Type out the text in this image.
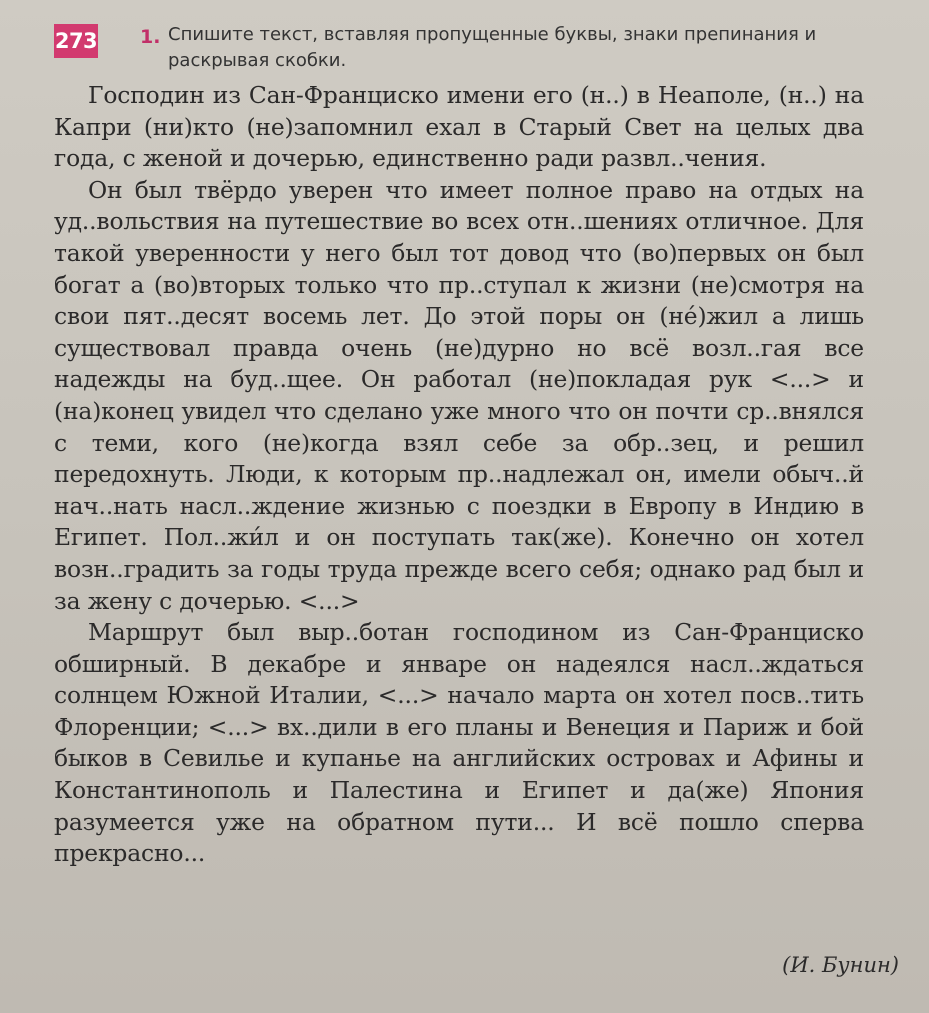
273 1. Спишите текст, вставляя пропущенные буквы, знаки препинания и раскрывая скобки.

Господин из Сан-Франциско имени его (н..) в Неаполе, (н..) на Капри (ни)кто (не)запомнил ехал в Старый Свет на целых два года, с женой и дочерью, единственно ради развл..чения.

Он был твёрдо уверен что имеет полное право на отдых на уд..вольствия на путешествие во всех отн..шениях отличное. Для такой уверенности у него был тот довод что (во)первых он был богат а (во)вторых только что пр..ступал к жизни (не)смотря на свои пят..десят восемь лет. До этой поры он (не́)жил а лишь существовал правда очень (не)дурно но всё возл..гая все надежды на буд..щее. Он работал (не)покладая рук <...> и (на)конец увидел что сделано уже много что он почти ср..внялся с теми, кого (не)когда взял себе за обр..зец, и решил передохнуть. Люди, к которым пр..надлежал он, имели обыч..й нач..нать насл..ждение жизнью с поездки в Европу в Индию в Египет. Пол..жи́л и он поступать так(же). Конечно он хотел возн..градить за годы труда прежде всего себя; однако рад был и за жену с дочерью. <...>

Маршрут был выр..ботан господином из Сан-Франциско обширный. В декабре и январе он надеялся насл..ждаться солнцем Южной Италии, <...> начало марта он хотел посв..тить Флоренции; <...> вх..дили в его планы и Венеция и Париж и бой быков в Севилье и купанье на английских островах и Афины и Константинополь и Палестина и Египет и да(же) Япония разумеется уже на обратном пути... И всё пошло сперва прекрасно...

(И. Бунин)
